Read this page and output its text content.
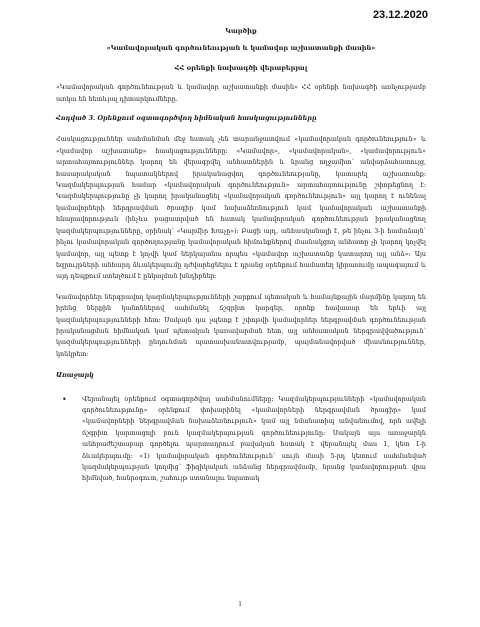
23.12.2020

Կարծիք

«Կամավորական գործունեության և կամավոր աշխատանքի մասին»

ՀՀ օրենքի նախագծի վերաբերյալ

«Կամավորական գործունեության և կամավոր աշխատանքի մասին» ՀՀ օրենքի նախագծի առնչությամբ առկա են հետևյալ դիտարկումները.

Հոդված 3. Օրենքում օգտագործվող հիմնական հասկացությունները

Հասկացություններ սահմանման մեջ հստակ չեն տարանջատվում «կամավորական գործունեություն» և «կամավոր աշխատանք» հասկացությունները: «Կամավոր», «կամավորական», «կամավորություն» արտահայտություններ կարող են վերագրվել անհատներին և նրանց ողջամիտ՝ անվարձահատույց, հասարակական նպատակներով իրականացվող գործունեությանը, կատարել աշխատանք: Կազմակերպության համար «կամավորական գործունեություն» արտահայտությունը շփոթեցնող է: Կազմակերպությունը չի կարող իրականացնել «կամավորական գործունեություն» այլ կարող է ունենալ կամավորների ներգրավման ծրագիր կամ նախաձեռնություն կամ կամավորական աշխատանքի հնարավորություն (ինչևս բացատրված են հստակ կամավորական գործունեության իրականացնող կազմակերպությունները, օրինակ՝ «Կարմիր Խաչը»): Բացի այդ, անհասկանալի է, թե ինչու 3-ի համաձայն՝ ինչու կամավորական գործողությանը կամավորական հիմունքներով մասնակցող անհատը չի կարող կոչվել կամավոր, այլ պետք է կոչվի կամ ներկայանա որպես «կամավոր աշխատանք կատարող այլ անձ»: Այս եզրույթների անհարդ ձևակերպումը դժվարեցնելու է դրանց օրենքում համատեղ կիրառումը ապագայում և այդ դեպքում ստեղծում է ընկալման խնդիրներ:

Կամավորներ ներգրավող կազմակերպությունների շարքում պետական և համայնքային մարմինը կարող են իրենց ներքին կանոններով սահմանել ճշգրիտ կարգեր, որոնք հավասար են երևի այլ կազմակերպությունների հետ: Սակայն դա չպետք է շփոթվի կամավորներ ներգրավման գործունեության իրականացման հիմնական կամ պետական կառավարման հետ, այլ անհատական ներգրավվածություն՝ կազմակերպությունների ընդունման պատասխանատվությամբ, պայմանավորված միասնություններ, կոնկրետ:

Առաջարկ

• Վերանայել օրենքում օգտագործվող սահմանումները: Կազմակերպությունների «կամավորական գործունեությունը» օրենքում փոխարինել «կամավորների ներգրավման ծրագիր» կամ «կամավորների ներգրավման նախաձեռնություն» կամ այլ նմանատիպ անվանումով, որն ավելի ճշգրիտ կարտացոլի բուն կազմակերպության գործունեությունը: Սակայն այս առաջարկն անհրաժեշտաբար գործելու պարտադրում բավական հստակ է վերանայել մաս 1, կետ 1-ի ձևակերպումը: «1) կամավորական գործունեություն՝ սույն մասի 5-րդ կետում սահմանված կազմակերպության կողմից՝ ֆիզիկական անձանց ներգրավմամբ, նրանց կամավորության վրա հիմնված, հանրօգուտ, շահույթ ստանալու նպատակ

1
